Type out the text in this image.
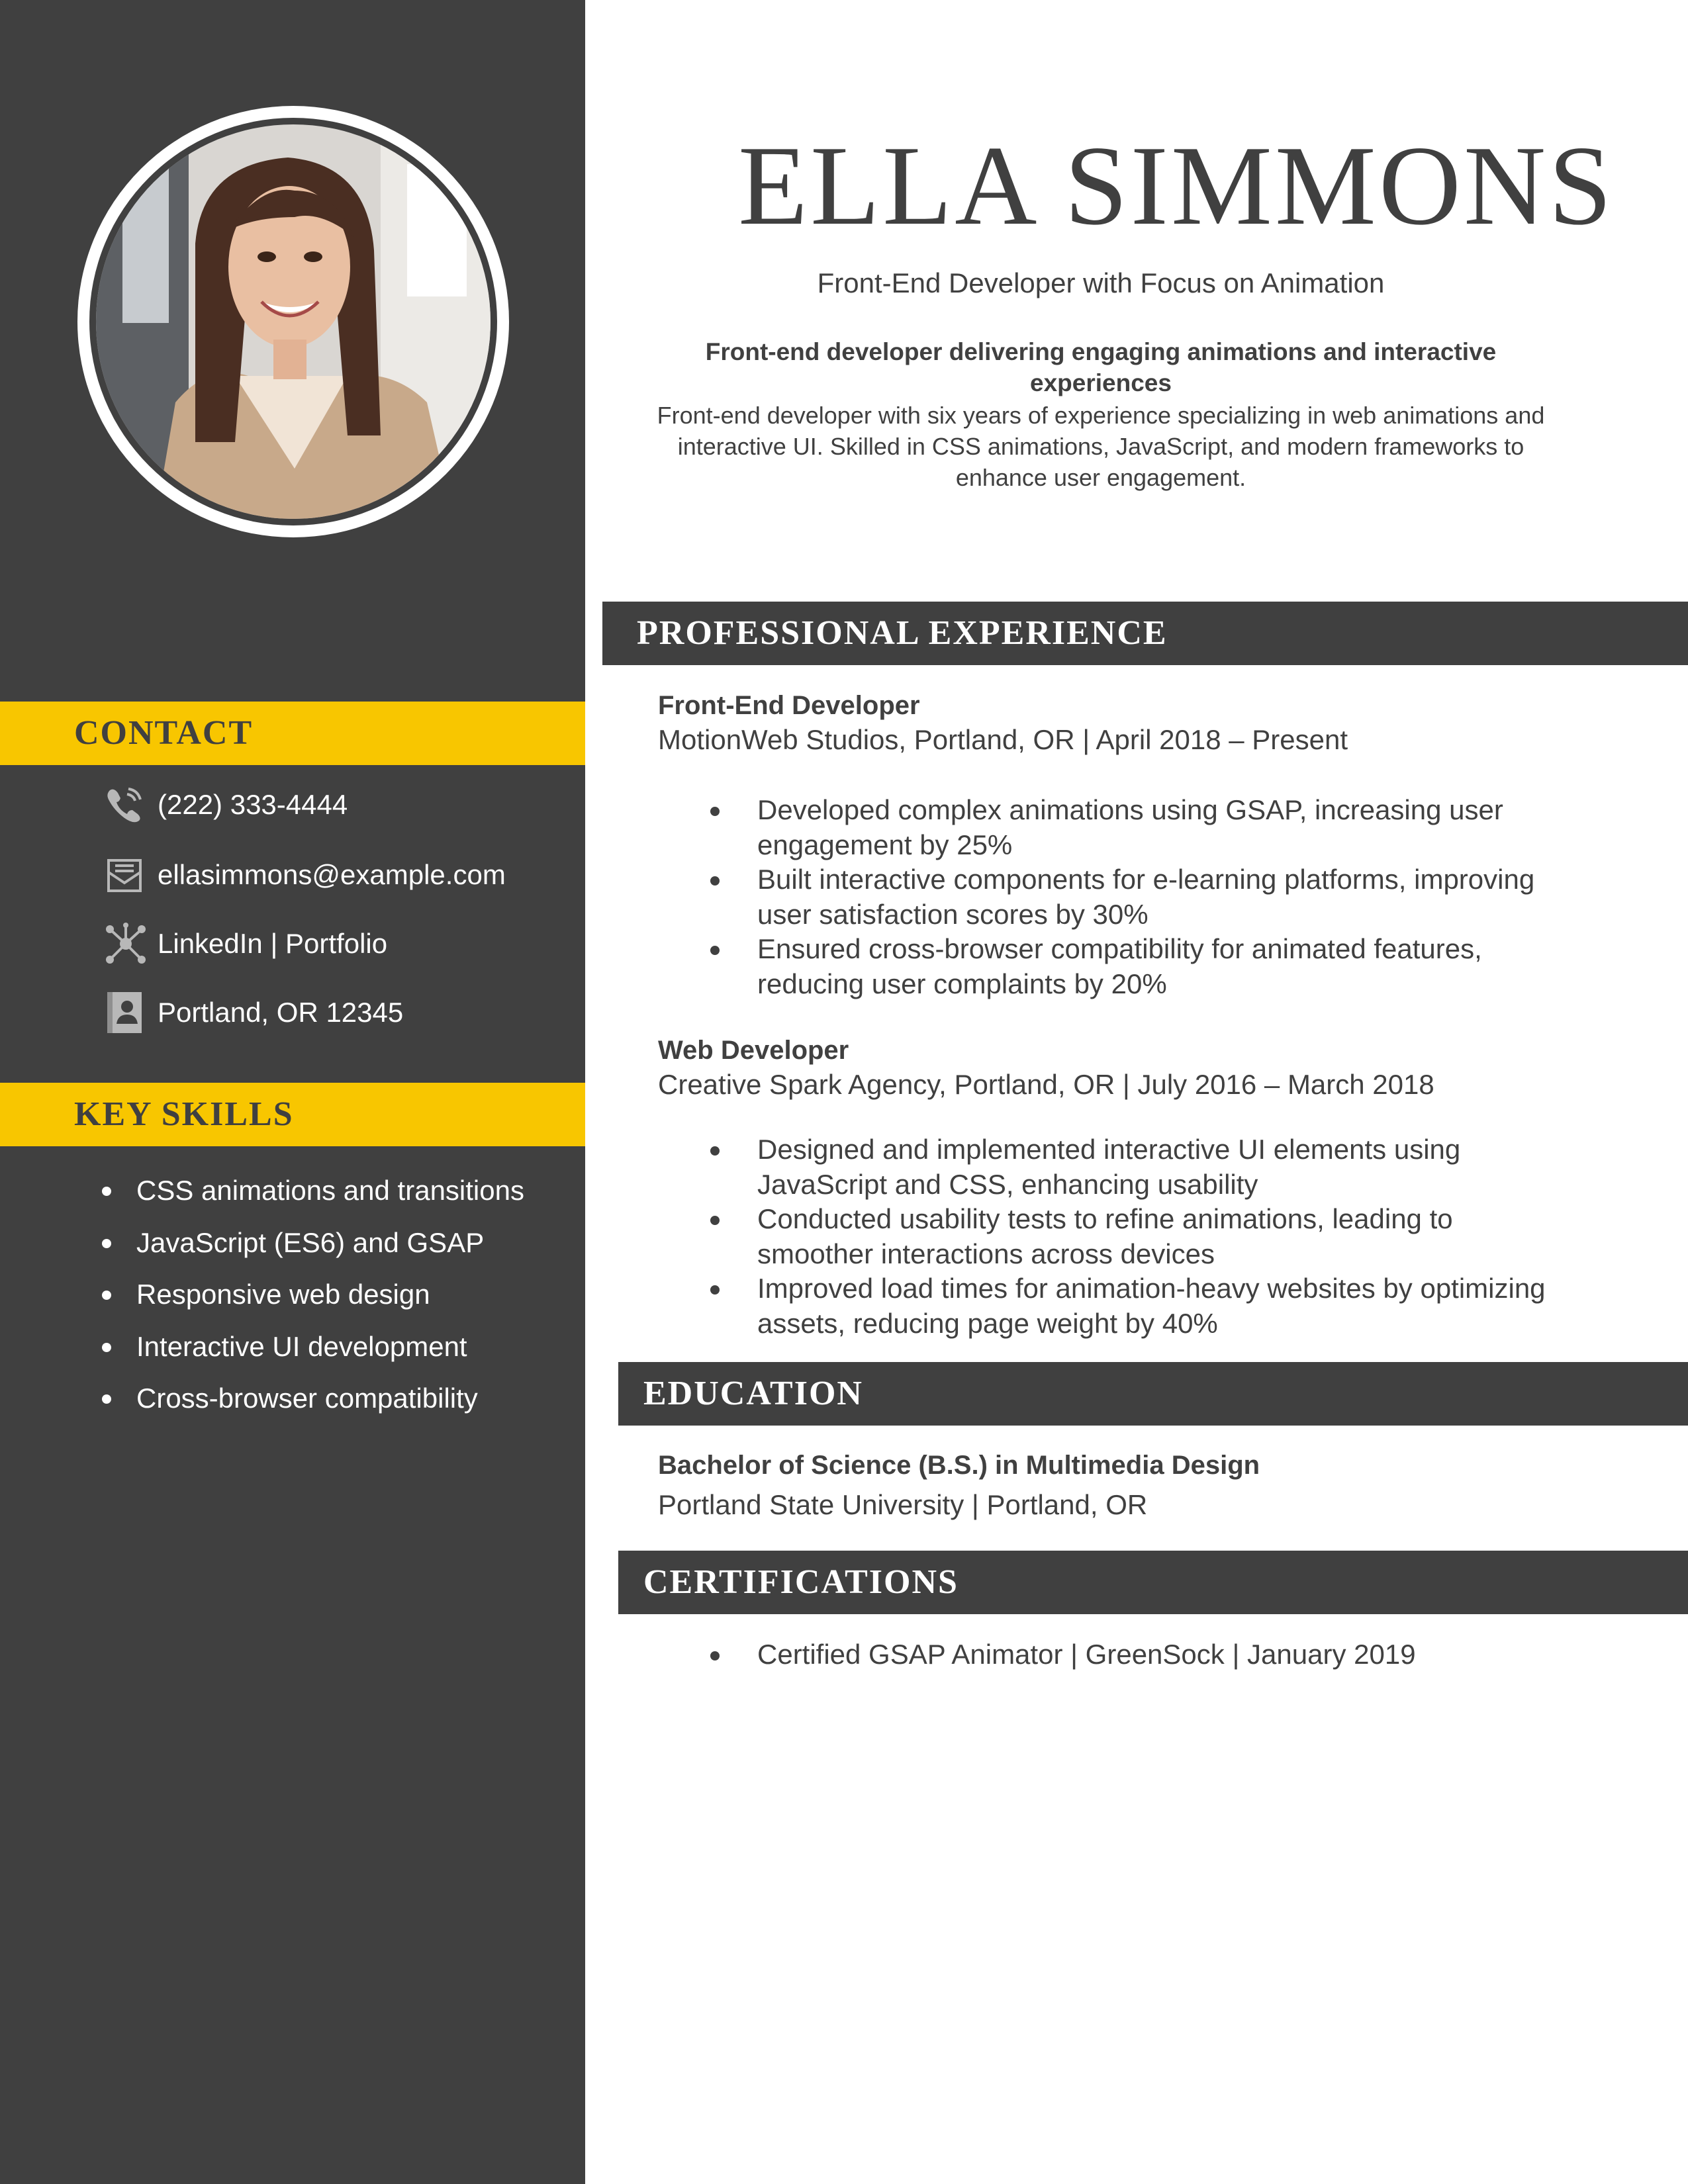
CONTACT
(222) 333-4444
ellasimmons@example.com
LinkedIn | Portfolio
Portland, OR 12345
KEY SKILLS
CSS animations and transitions
JavaScript (ES6) and GSAP
Responsive web design
Interactive UI development
Cross-browser compatibility
ELLA SIMMONS
Front-End Developer with Focus on Animation
Front-end developer delivering engaging animations and interactive experiences
Front-end developer with six years of experience specializing in web animations and interactive UI. Skilled in CSS animations, JavaScript, and modern frameworks to enhance user engagement.
PROFESSIONAL EXPERIENCE
Front-End Developer
MotionWeb Studios, Portland, OR | April 2018 – Present
Developed complex animations using GSAP, increasing user engagement by 25%
Built interactive components for e-learning platforms, improving user satisfaction scores by 30%
Ensured cross-browser compatibility for animated features, reducing user complaints by 20%
Web Developer
Creative Spark Agency, Portland, OR | July 2016 – March 2018
Designed and implemented interactive UI elements using JavaScript and CSS, enhancing usability
Conducted usability tests to refine animations, leading to smoother interactions across devices
Improved load times for animation-heavy websites by optimizing assets, reducing page weight by 40%
EDUCATION
Bachelor of Science (B.S.) in Multimedia Design
Portland State University | Portland, OR
CERTIFICATIONS
Certified GSAP Animator | GreenSock | January 2019
